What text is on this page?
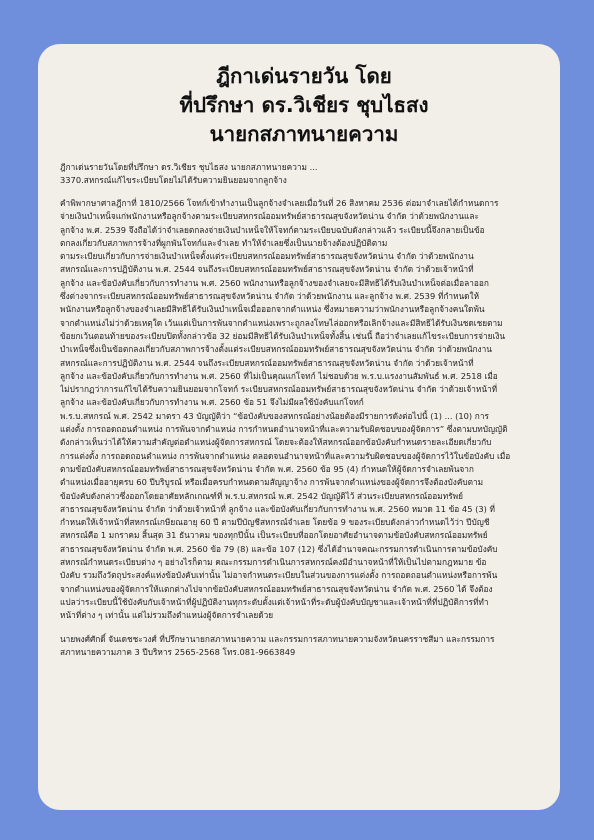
ฎีกาเด่นรายวัน โดย
ที่ปรึกษา ดร.วิเชียร ชุบไธสง
นายกสภาทนายความ
ฎีกาเด่นรายวันโดยที่ปรึกษา ดร.วิเชียร ชุบไธสง นายกสภาทนายความ ...
3370.สหกรณ์แก้ไขระเบียบโดยไม่ได้รับความยินยอมจากลูกจ้าง
คำพิพากษาศาลฎีกาที่ 1810/2566 โจทก์เข้าทำงานเป็นลูกจ้างจำเลยเมื่อวันที่ 26 สิงหาคม 2536 ต่อมาจำเลยได้กำหนดการ
จ่ายเงินบำเหน็จแก่พนักงานหรือลูกจ้างตามระเบียบสหกรณ์ออมทรัพย์สาธารณสุขจังหวัดน่าน จำกัด ว่าด้วยพนักงานและ
ลูกจ้าง พ.ศ. 2539 จึงถือได้ว่าจำเลยตกลงจ่ายเงินบำเหน็จให้โจทก์ตามระเบียบฉบับดังกล่าวแล้ว ระเบียบนี้จึงกลายเป็นข้อ
ตกลงเกี่ยวกับสภาพการจ้างที่ผูกพันโจทก์และจำเลย ทำให้จำเลยซึ่งเป็นนายจ้างต้องปฏิบัติตาม
ตามระเบียบเกี่ยวกับการจ่ายเงินบำเหน็จตั้งแต่ระเบียบสหกรณ์ออมทรัพย์สาธารณสุขจังหวัดน่าน จำกัด ว่าด้วยพนักงาน
สหกรณ์และการปฏิบัติงาน พ.ศ. 2544 จนถึงระเบียบสหกรณ์ออมทรัพย์สาธารณสุขจังหวัดน่าน จำกัด ว่าด้วยเจ้าหน้าที่
ลูกจ้าง และข้อบังคับเกี่ยวกับการทำงาน พ.ศ. 2560 พนักงานหรือลูกจ้างของจำเลยจะมีสิทธิได้รับเงินบำเหน็จต่อเมื่อลาออก
ซึ่งต่างจากระเบียบสหกรณ์ออมทรัพย์สาธารณสุขจังหวัดน่าน จำกัด ว่าด้วยพนักงาน และลูกจ้าง พ.ศ. 2539 ที่กำหนดให้
พนักงานหรือลูกจ้างของจำเลยมีสิทธิได้รับเงินบำเหน็จเมื่อออกจากตำแหน่ง ซึ่งหมายความว่าพนักงานหรือลูกจ้างคนใดพ้น
จากตำแหน่งไม่ว่าด้วยเหตุใด เว้นแต่เป็นการพ้นจากตำแหน่งเพราะถูกลงโทษไล่ออกหรือเลิกจ้างและมีสิทธิได้รับเงินชดเชยตาม
ข้อยกเว้นตอนท้ายของระเบียบปิดทั้งกล่าวข้อ 32 ย่อมมีสิทธิได้รับเงินบำเหน็จทั้งสิ้น เช่นนี้ ถือว่าจำเลยแก้ไขระเบียบการจ่ายเงิน
บำเหน็จซึ่งเป็นข้อตกลงเกี่ยวกับสภาพการจ้างตั้งแต่ระเบียบสหกรณ์ออมทรัพย์สาธารณสุขจังหวัดน่าน จำกัด ว่าด้วยพนักงาน
สหกรณ์และการปฏิบัติงาน พ.ศ. 2544 จนถึงระเบียบสหกรณ์ออมทรัพย์สาธารณสุขจังหวัดน่าน จำกัด ว่าด้วยเจ้าหน้าที่
ลูกจ้าง และข้อบังคับเกี่ยวกับการทำงาน พ.ศ. 2560 ที่ไม่เป็นคุณแก่โจทก์ ไม่ชอบด้วย พ.ร.บ.แรงงานสัมพันธ์ พ.ศ. 2518 เมื่อ
ไม่ปรากฏว่าการแก้ไขได้รับความยินยอมจากโจทก์ ระเบียบสหกรณ์ออมทรัพย์สาธารณสุขจังหวัดน่าน จำกัด ว่าด้วยเจ้าหน้าที่
ลูกจ้าง และข้อบังคับเกี่ยวกับการทำงาน พ.ศ. 2560 ข้อ 51 จึงไม่มีผลใช้บังคับแก่โจทก์
พ.ร.บ.สหกรณ์ พ.ศ. 2542 มาตรา 43 บัญญัติว่า “ข้อบังคับของสหกรณ์อย่างน้อยต้องมีรายการดังต่อไปนี้ (1) ... (10) การ
แต่งตั้ง การถอดถอนตำแหน่ง การพ้นจากตำแหน่ง การกำหนดอำนาจหน้าที่และความรับผิดชอบของผู้จัดการ” ซึ่งตามบทบัญญัติ
ดังกล่าวเห็นว่าได้ให้ความสำคัญต่อตำแหน่งผู้จัดการสหกรณ์ โดยจะต้องให้สหกรณ์ออกข้อบังคับกำหนดรายละเอียดเกี่ยวกับ
การแต่งตั้ง การถอดถอนตำแหน่ง การพ้นจากตำแหน่ง ตลอดจนอำนาจหน้าที่และความรับผิดชอบของผู้จัดการไว้ในข้อบังคับ เมื่อ
ตามข้อบังคับสหกรณ์ออมทรัพย์สาธารณสุขจังหวัดน่าน จำกัด พ.ศ. 2560 ข้อ 95 (4) กำหนดให้ผู้จัดการจำเลยพ้นจาก
ตำแหน่งเมื่ออายุครบ 60 ปีบริบูรณ์ หรือเมื่อครบกำหนดตามสัญญาจ้าง การพ้นจากตำแหน่งของผู้จัดการจึงต้องบังคับตาม
ข้อบังคับดังกล่าวซึ่งออกโดยอาศัยหลักเกณฑ์ที่ พ.ร.บ.สหกรณ์ พ.ศ. 2542 บัญญัติไว้ ส่วนระเบียบสหกรณ์ออมทรัพย์
สาธารณสุขจังหวัดน่าน จำกัด ว่าด้วยเจ้าหน้าที่ ลูกจ้าง และข้อบังคับเกี่ยวกับการทำงาน พ.ศ. 2560 หมวด 11 ข้อ 45 (3) ที่
กำหนดให้เจ้าหน้าที่สหกรณ์เกษียณอายุ 60 ปี ตามปีบัญชีสหกรณ์จำเลย โดยข้อ 9 ของระเบียบดังกล่าวกำหนดไว้ว่า ปีบัญชี
สหกรณ์คือ 1 มกราคม สิ้นสุด 31 ธันวาคม ของทุกปีนั้น เป็นระเบียบที่ออกโดยอาศัยอำนาจตามข้อบังคับสหกรณ์ออมทรัพย์
สาธารณสุขจังหวัดน่าน จำกัด พ.ศ. 2560 ข้อ 79 (8) และข้อ 107 (12) ซึ่งได้อำนาจคณะกรรมการดำเนินการตามข้อบังคับ
สหกรณ์กำหนดระเบียบต่าง ๆ อย่างไรก็ตาม คณะกรรมการดำเนินการสหกรณ์คงมีอำนาจหน้าที่ให้เป็นไปตามกฎหมาย ข้อ
บังคับ รวมถึงวัตถุประสงค์แห่งข้อบังคับเท่านั้น ไม่อาจกำหนดระเบียบในส่วนของการแต่งตั้ง การถอดถอนตำแหน่งหรือการพ้น
จากตำแหน่งของผู้จัดการให้แตกต่างไปจากข้อบังคับสหกรณ์ออมทรัพย์สาธารณสุขจังหวัดน่าน จำกัด พ.ศ. 2560 ได้ จึงต้อง
แปลว่าระเบียบนี้ใช้บังคับกับเจ้าหน้าที่ผู้ปฏิบัติงานทุกระดับตั้งแต่เจ้าหน้าที่ระดับผู้บังคับบัญชาและเจ้าหน้าที่ที่ปฏิบัติการที่ทำ
หน้าที่ต่าง ๆ เท่านั้น แต่ไม่รวมถึงตำแหน่งผู้จัดการจำเลยด้วย
นายพงศ์ศักดิ์ จันเดชชะวงศ์ ที่ปรึกษานายกสภาทนายความ และกรรมการสภาทนายความจังหวัดนครราชสีมา และกรรมการ
สภาทนายความภาค 3 ปีบริหาร 2565-2568 โทร.081-9663849
